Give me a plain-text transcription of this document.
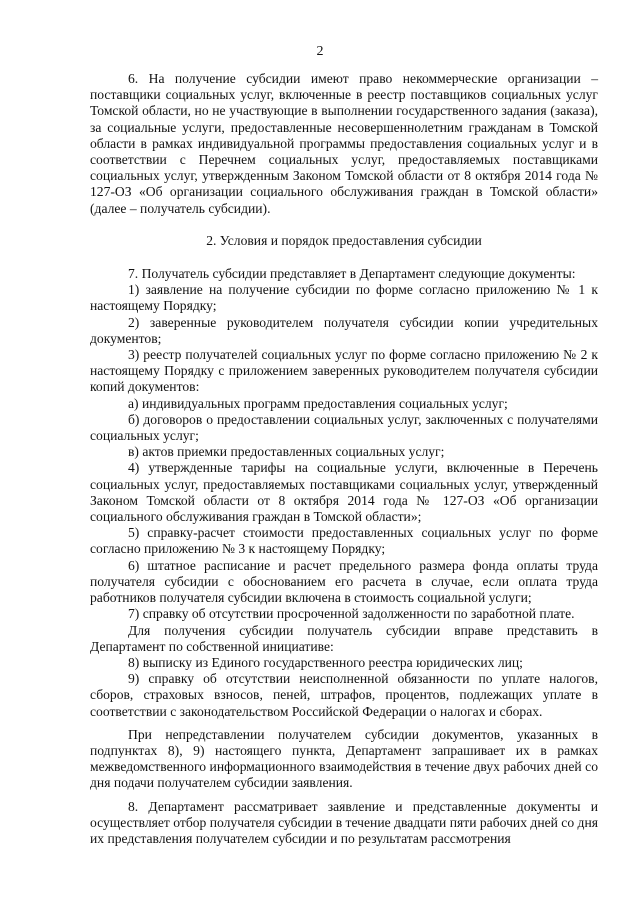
2

6. На получение субсидии имеют право некоммерческие организации – поставщики социальных услуг, включенные в реестр поставщиков социальных услуг Томской области, но не участвующие в выполнении государственного задания (заказа), за социальные услуги, предоставленные несовершеннолетним гражданам в Томской области в рамках индивидуальной программы предоставления социальных услуг и в соответствии с Перечнем социальных услуг, предоставляемых поставщиками социальных услуг, утвержденным Законом Томской области от 8 октября 2014 года № 127-ОЗ «Об организации социального обслуживания граждан в Томской области» (далее – получатель субсидии).

2. Условия и порядок предоставления субсидии

7. Получатель субсидии представляет в Департамент следующие документы:

1) заявление на получение субсидии по форме согласно приложению № 1 к настоящему Порядку;

2) заверенные руководителем получателя субсидии копии учредительных документов;

3) реестр получателей социальных услуг по форме согласно приложению № 2 к настоящему Порядку с приложением заверенных руководителем получателя субсидии копий документов:

а) индивидуальных программ предоставления социальных услуг;

б) договоров о предоставлении социальных услуг, заключенных с получателями социальных услуг;

в) актов приемки предоставленных социальных услуг;

4) утвержденные тарифы на социальные услуги, включенные в Перечень социальных услуг, предоставляемых поставщиками социальных услуг, утвержденный Законом Томской области от 8 октября 2014 года № 127-ОЗ «Об организации социального обслуживания граждан в Томской области»;

5) справку-расчет стоимости предоставленных социальных услуг по форме согласно приложению № 3 к настоящему Порядку;

6) штатное расписание и расчет предельного размера фонда оплаты труда получателя субсидии с обоснованием его расчета в случае, если оплата труда работников получателя субсидии включена в стоимость социальной услуги;

7) справку об отсутствии просроченной задолженности по заработной плате.

Для получения субсидии получатель субсидии вправе представить в Департамент по собственной инициативе:

8) выписку из Единого государственного реестра юридических лиц;

9) справку об отсутствии неисполненной обязанности по уплате налогов, сборов, страховых взносов, пеней, штрафов, процентов, подлежащих уплате в соответствии с законодательством Российской Федерации о налогах и сборах.

При непредставлении получателем субсидии документов, указанных в подпунктах 8), 9) настоящего пункта, Департамент запрашивает их в рамках межведомственного информационного взаимодействия в течение двух рабочих дней со дня подачи получателем субсидии заявления.

8. Департамент рассматривает заявление и представленные документы и осуществляет отбор получателя субсидии в течение двадцати пяти рабочих дней со дня их представления получателем субсидии и по результатам рассмотрения
